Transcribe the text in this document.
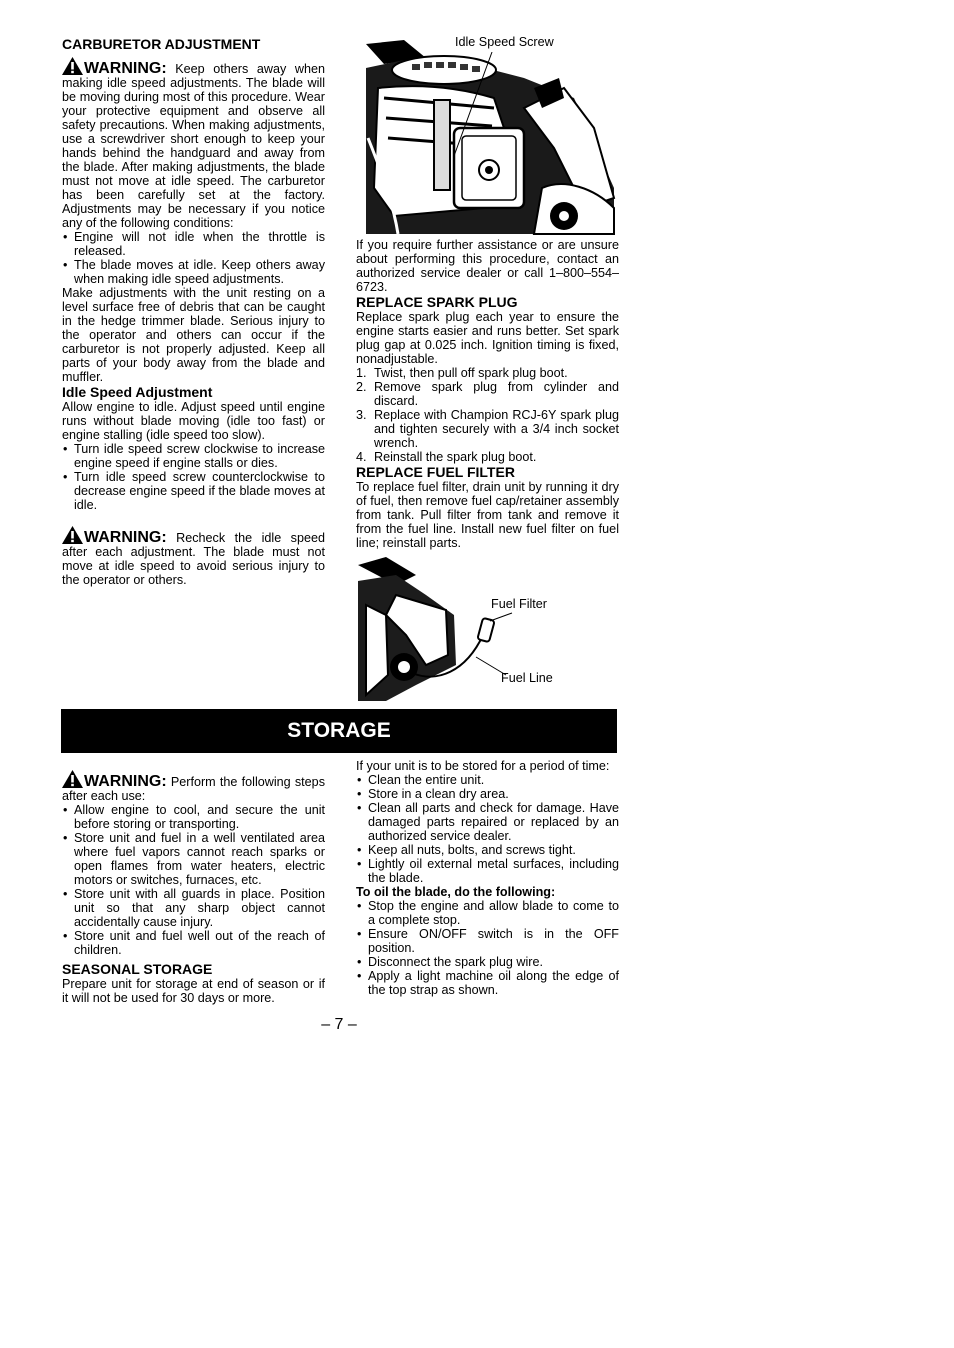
CARBURETOR ADJUSTMENT

WARNING: Keep others away when making idle speed adjustments. The blade will be moving during most of this procedure. Wear your protective equipment and observe all safety precautions. When making adjustments, use a screwdriver short enough to keep your hands behind the handguard and away from the blade. After making adjustments, the blade must not move at idle speed. The carburetor has been carefully set at the factory. Adjustments may be necessary if you notice any of the following conditions:

• Engine will not idle when the throttle is released.
• The blade moves at idle. Keep others away when making idle speed adjustments.

Make adjustments with the unit resting on a level surface free of debris that can be caught in the hedge trimmer blade. Serious injury to the operator and others can occur if the carburetor is not properly adjusted. Keep all parts of your body away from the blade and muffler.

Idle Speed Adjustment

Allow engine to idle. Adjust speed until engine runs without blade moving (idle too fast) or engine stalling (idle speed too slow).

• Turn idle speed screw clockwise to increase engine speed if engine stalls or dies.
• Turn idle speed screw counterclockwise to decrease engine speed if the blade moves at idle.

WARNING: Recheck the idle speed after each adjustment. The blade must not move at idle speed to avoid serious injury to the operator or others.

Idle Speed Screw

If you require further assistance or are unsure about performing this procedure, contact an authorized service dealer or call 1–800–554–6723.

REPLACE SPARK PLUG

Replace spark plug each year to ensure the engine starts easier and runs better. Set spark plug gap at 0.025 inch. Ignition timing is fixed, nonadjustable.

1. Twist, then pull off spark plug boot.
2. Remove spark plug from cylinder and discard.
3. Replace with Champion RCJ-6Y spark plug and tighten securely with a 3/4 inch socket wrench.
4. Reinstall the spark plug boot.
REPLACE FUEL FILTER

To replace fuel filter, drain unit by running it dry of fuel, then remove fuel cap/retainer assembly from tank. Pull filter from tank and remove it from the fuel line. Install new fuel filter on fuel line; reinstall parts.

Fuel Filter
Fuel Line
STORAGE

WARNING: Perform the following steps after each use:

• Allow engine to cool, and secure the unit before storing or transporting.
• Store unit and fuel in a well ventilated area where fuel vapors cannot reach sparks or open flames from water heaters, electric motors or switches, furnaces, etc.
• Store unit with all guards in place. Position unit so that any sharp object cannot accidentally cause injury.
• Store unit and fuel well out of the reach of children.
SEASONAL STORAGE

Prepare unit for storage at end of season or if it will not be used for 30 days or more.

If your unit is to be stored for a period of time:

• Clean the entire unit.
• Store in a clean dry area.
• Clean all parts and check for damage. Have damaged parts repaired or replaced by an authorized service dealer.
• Keep all nuts, bolts, and screws tight.
• Lightly oil external metal surfaces, including the blade.

To oil the blade, do the following:

• Stop the engine and allow blade to come to a complete stop.
• Ensure ON/OFF switch is in the OFF position.
• Disconnect the spark plug wire.
• Apply a light machine oil along the edge of the top strap as shown.
– 7 –
